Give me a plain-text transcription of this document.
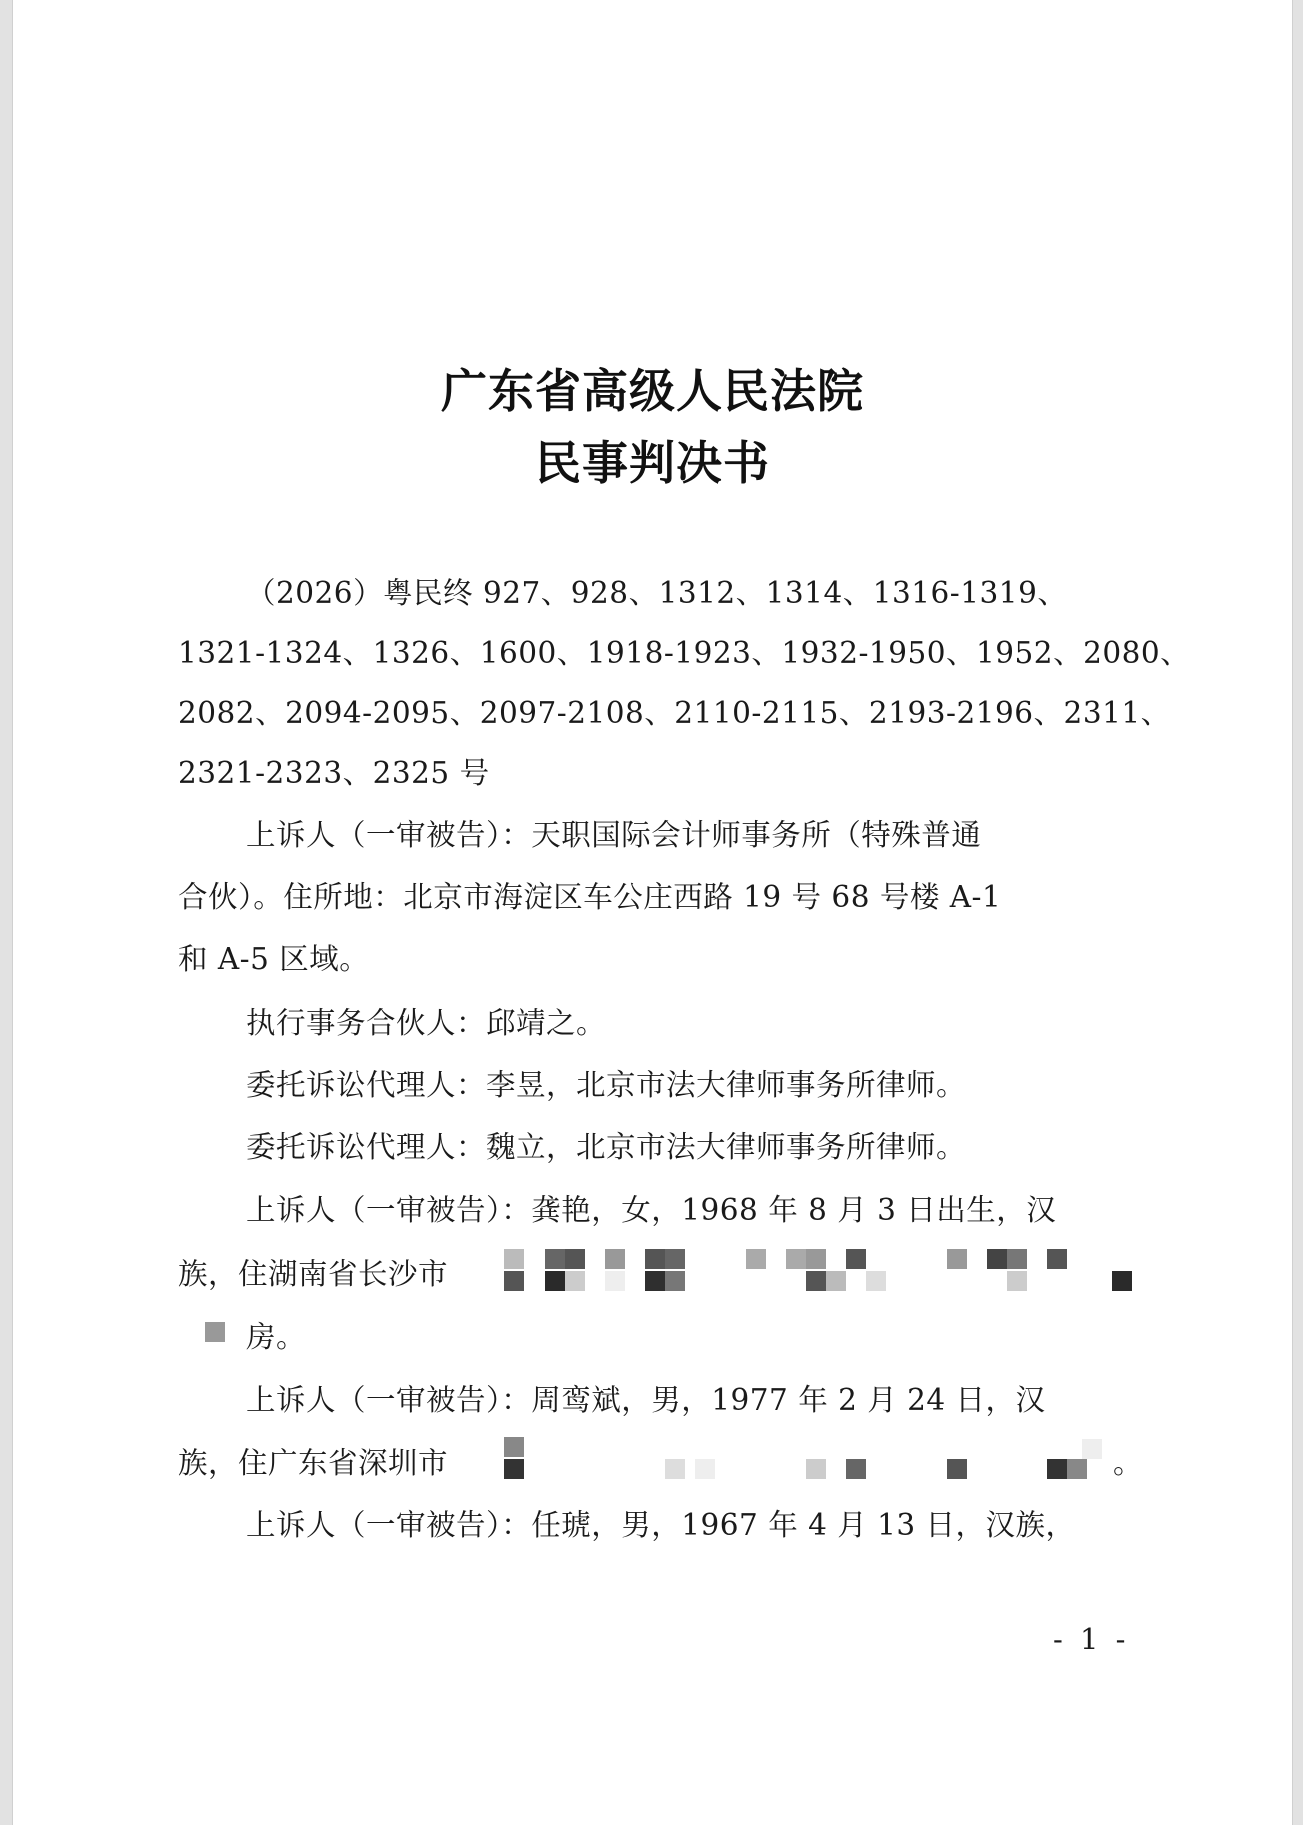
广东省高级人民法院
民事判决书
（2026）粤民终 927、928、1312、1314、1316-1319、
1321-1324、1326、1600、1918-1923、1932-1950、1952、2080、
2082、2094-2095、2097-2108、2110-2115、2193-2196、2311、
2321-2323、2325 号
上诉人（一审被告）：天职国际会计师事务所（特殊普通
合伙）。住所地：北京市海淀区车公庄西路 19 号 68 号楼 A-1
和 A-5 区域。
执行事务合伙人：邱靖之。
委托诉讼代理人：李昱，北京市法大律师事务所律师。
委托诉讼代理人：魏立，北京市法大律师事务所律师。
上诉人（一审被告）：龚艳，女，1968 年 8 月 3 日出生，汉
族，住湖南省长沙市
房。
上诉人（一审被告）：周鸾斌，男，1977 年 2 月 24 日，汉
族，住广东省深圳市	。
上诉人（一审被告）：任琥，男，1967 年 4 月 13 日，汉族，
- 1 -
